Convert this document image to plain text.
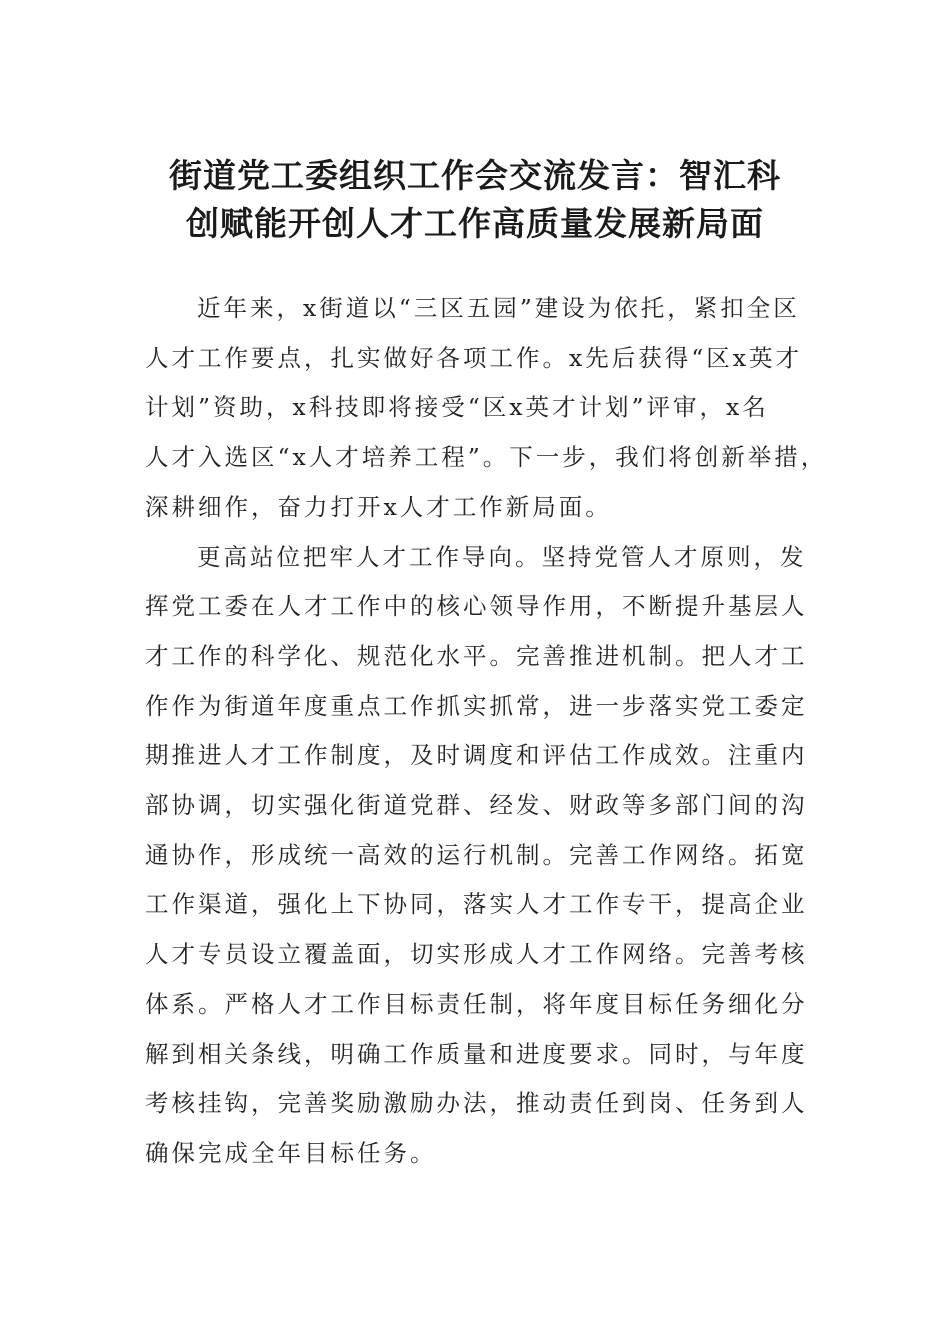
街道党工委组织工作会交流发言：智汇科
创赋能开创人才工作高质量发展新局面
近年来，x街道以“三区五园”建设为依托，紧扣全区
人才工作要点，扎实做好各项工作。x先后获得“区x英才
计划”资助，x科技即将接受“区x英才计划”评审，x名
人才入选区“x人才培养工程”。下一步，我们将创新举措，
深耕细作，奋力打开x人才工作新局面。
更高站位把牢人才工作导向。坚持党管人才原则，发
挥党工委在人才工作中的核心领导作用，不断提升基层人
才工作的科学化、规范化水平。完善推进机制。把人才工
作作为街道年度重点工作抓实抓常，进一步落实党工委定
期推进人才工作制度，及时调度和评估工作成效。注重内
部协调，切实强化街道党群、经发、财政等多部门间的沟
通协作，形成统一高效的运行机制。完善工作网络。拓宽
工作渠道，强化上下协同，落实人才工作专干，提高企业
人才专员设立覆盖面，切实形成人才工作网络。完善考核
体系。严格人才工作目标责任制，将年度目标任务细化分
解到相关条线，明确工作质量和进度要求。同时，与年度
考核挂钩，完善奖励激励办法，推动责任到岗、任务到人
确保完成全年目标任务。
